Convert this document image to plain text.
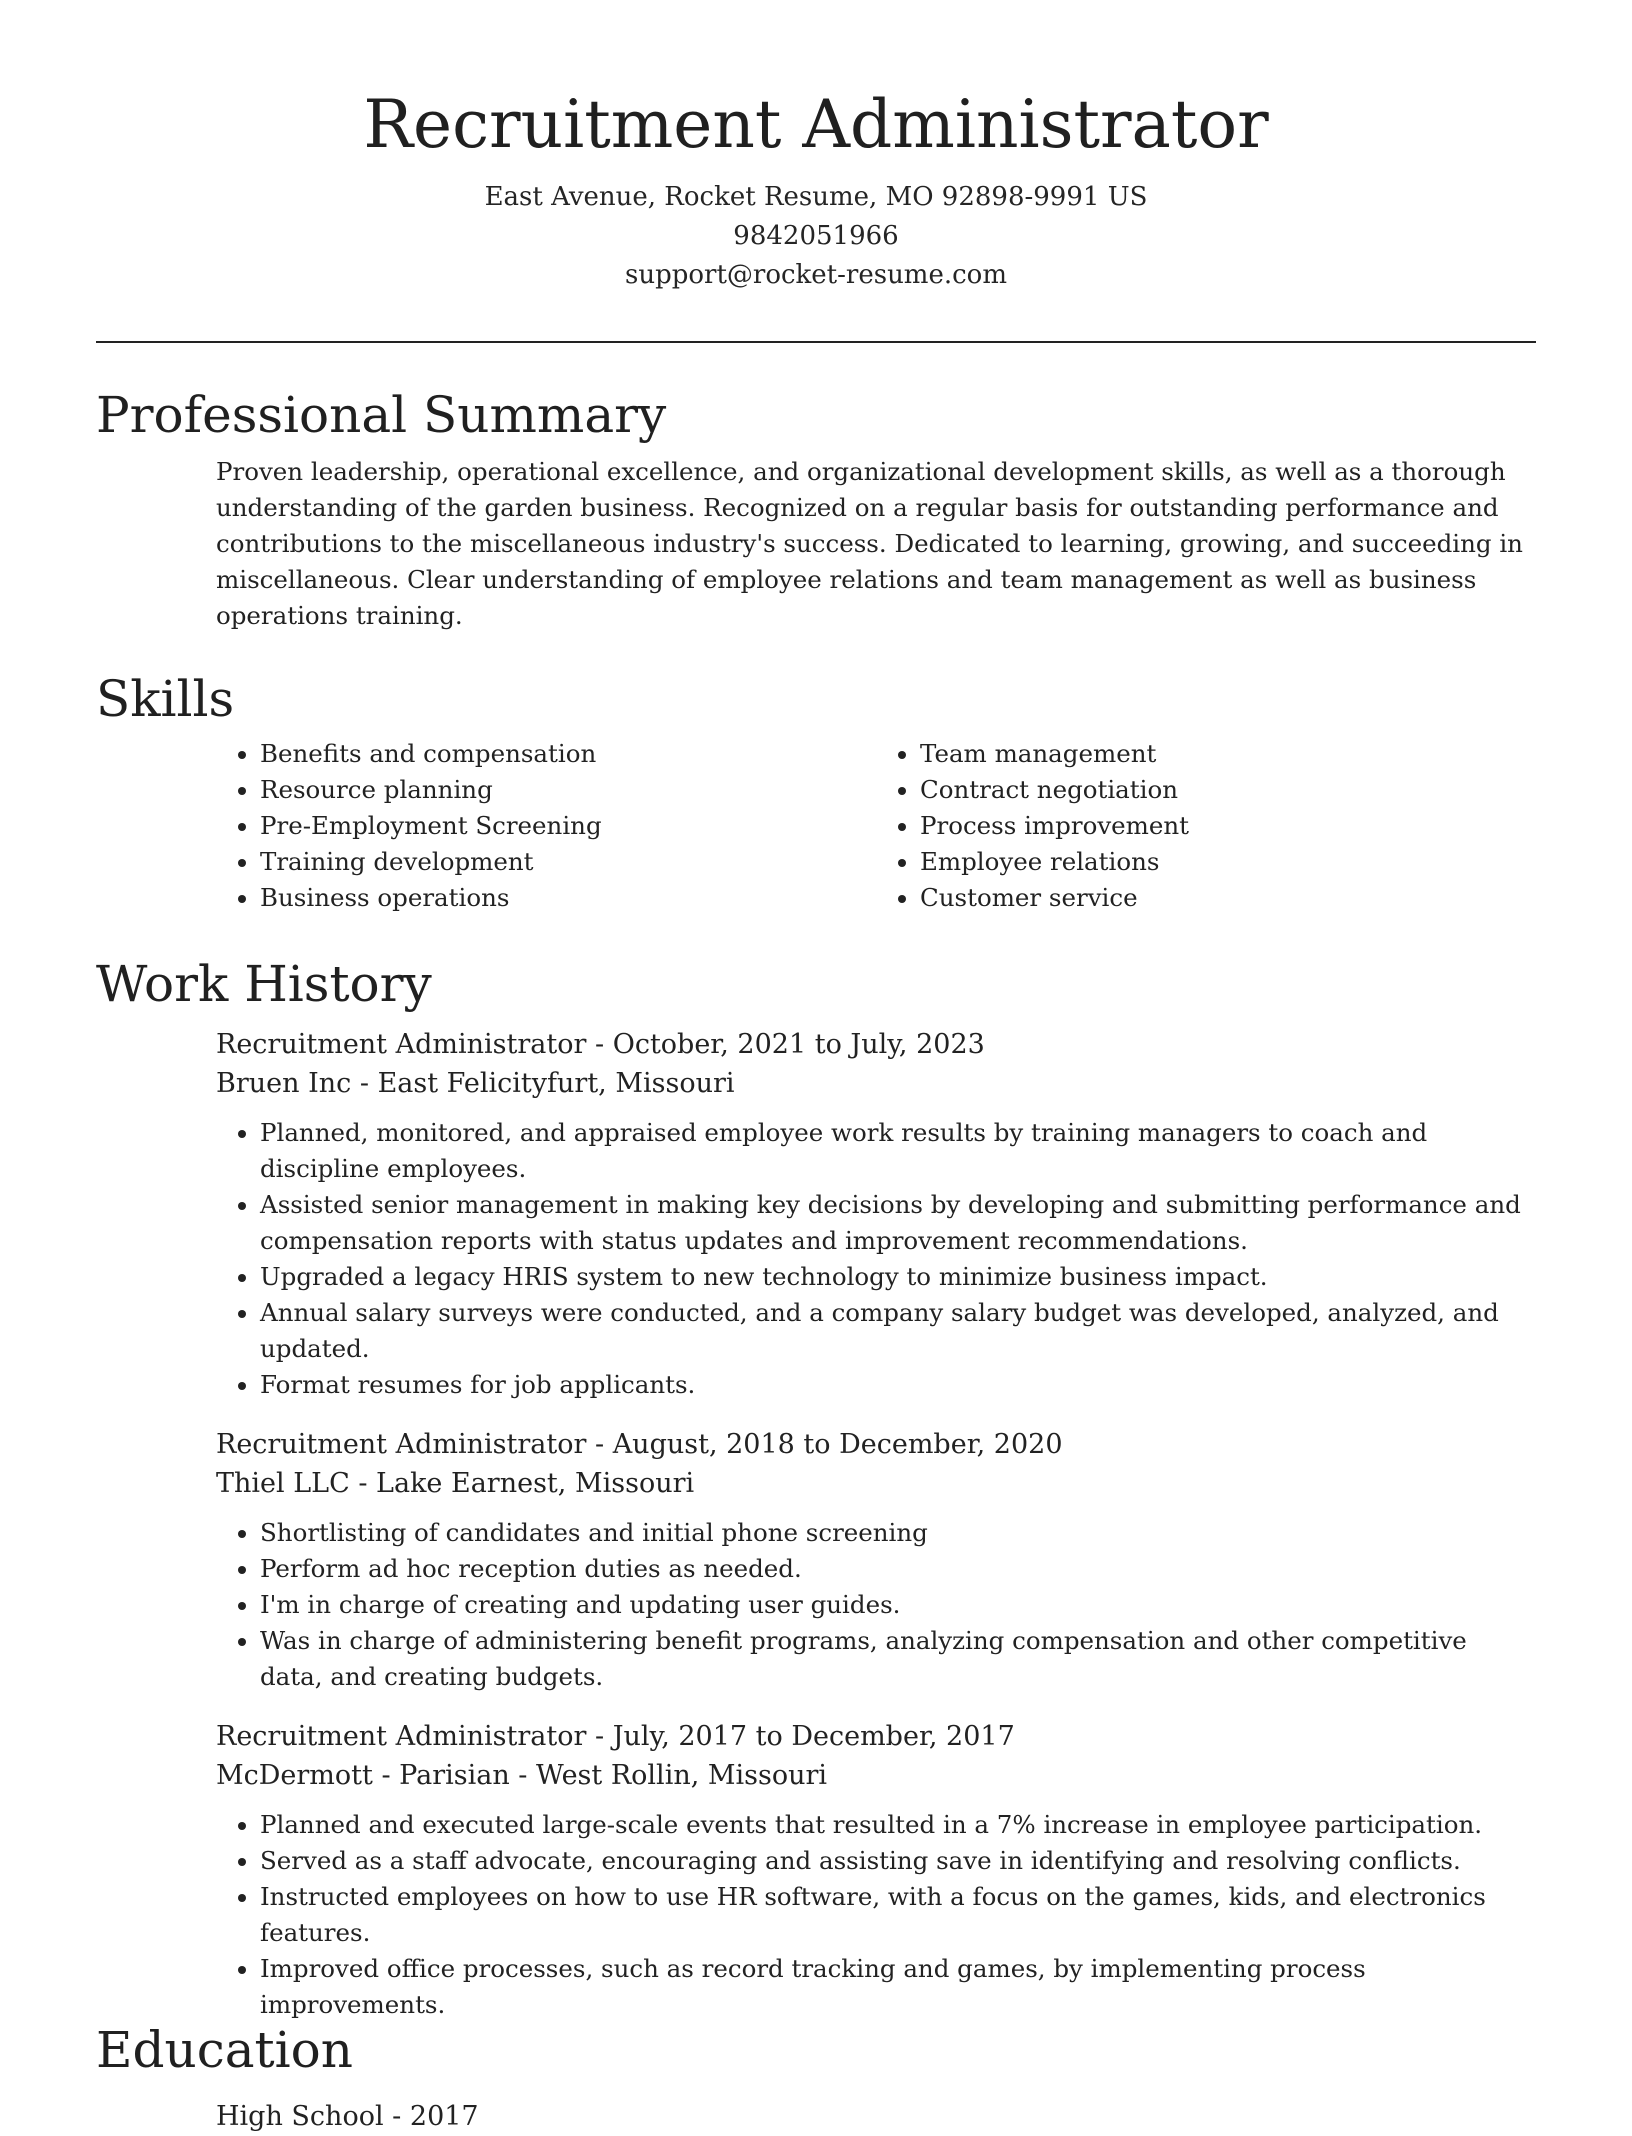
Recruitment Administrator
East Avenue, Rocket Resume, MO 92898-9991 US
9842051966
support@rocket-resume.com
Professional Summary
Proven leadership, operational excellence, and organizational development skills, as well as a thorough understanding of the garden business. Recognized on a regular basis for outstanding performance and contributions to the miscellaneous industry's success. Dedicated to learning, growing, and succeeding in miscellaneous. Clear understanding of employee relations and team management as well as business operations training.
Skills
• Benefits and compensation
• Resource planning
• Pre-Employment Screening
• Training development
• Business operations
• Team management
• Contract negotiation
• Process improvement
• Employee relations
• Customer service
Work History
Recruitment Administrator - October, 2021 to July, 2023
Bruen Inc - East Felicityfurt, Missouri
• Planned, monitored, and appraised employee work results by training managers to coach and discipline employees.
• Assisted senior management in making key decisions by developing and submitting performance and compensation reports with status updates and improvement recommendations.
• Upgraded a legacy HRIS system to new technology to minimize business impact.
• Annual salary surveys were conducted, and a company salary budget was developed, analyzed, and updated.
• Format resumes for job applicants.
Recruitment Administrator - August, 2018 to December, 2020
Thiel LLC - Lake Earnest, Missouri
• Shortlisting of candidates and initial phone screening
• Perform ad hoc reception duties as needed.
• I'm in charge of creating and updating user guides.
• Was in charge of administering benefit programs, analyzing compensation and other competitive data, and creating budgets.
Recruitment Administrator - July, 2017 to December, 2017
McDermott - Parisian - West Rollin, Missouri
• Planned and executed large-scale events that resulted in a 7% increase in employee participation.
• Served as a staff advocate, encouraging and assisting save in identifying and resolving conflicts.
• Instructed employees on how to use HR software, with a focus on the games, kids, and electronics features.
• Improved office processes, such as record tracking and games, by implementing process improvements.
Education
High School - 2017
